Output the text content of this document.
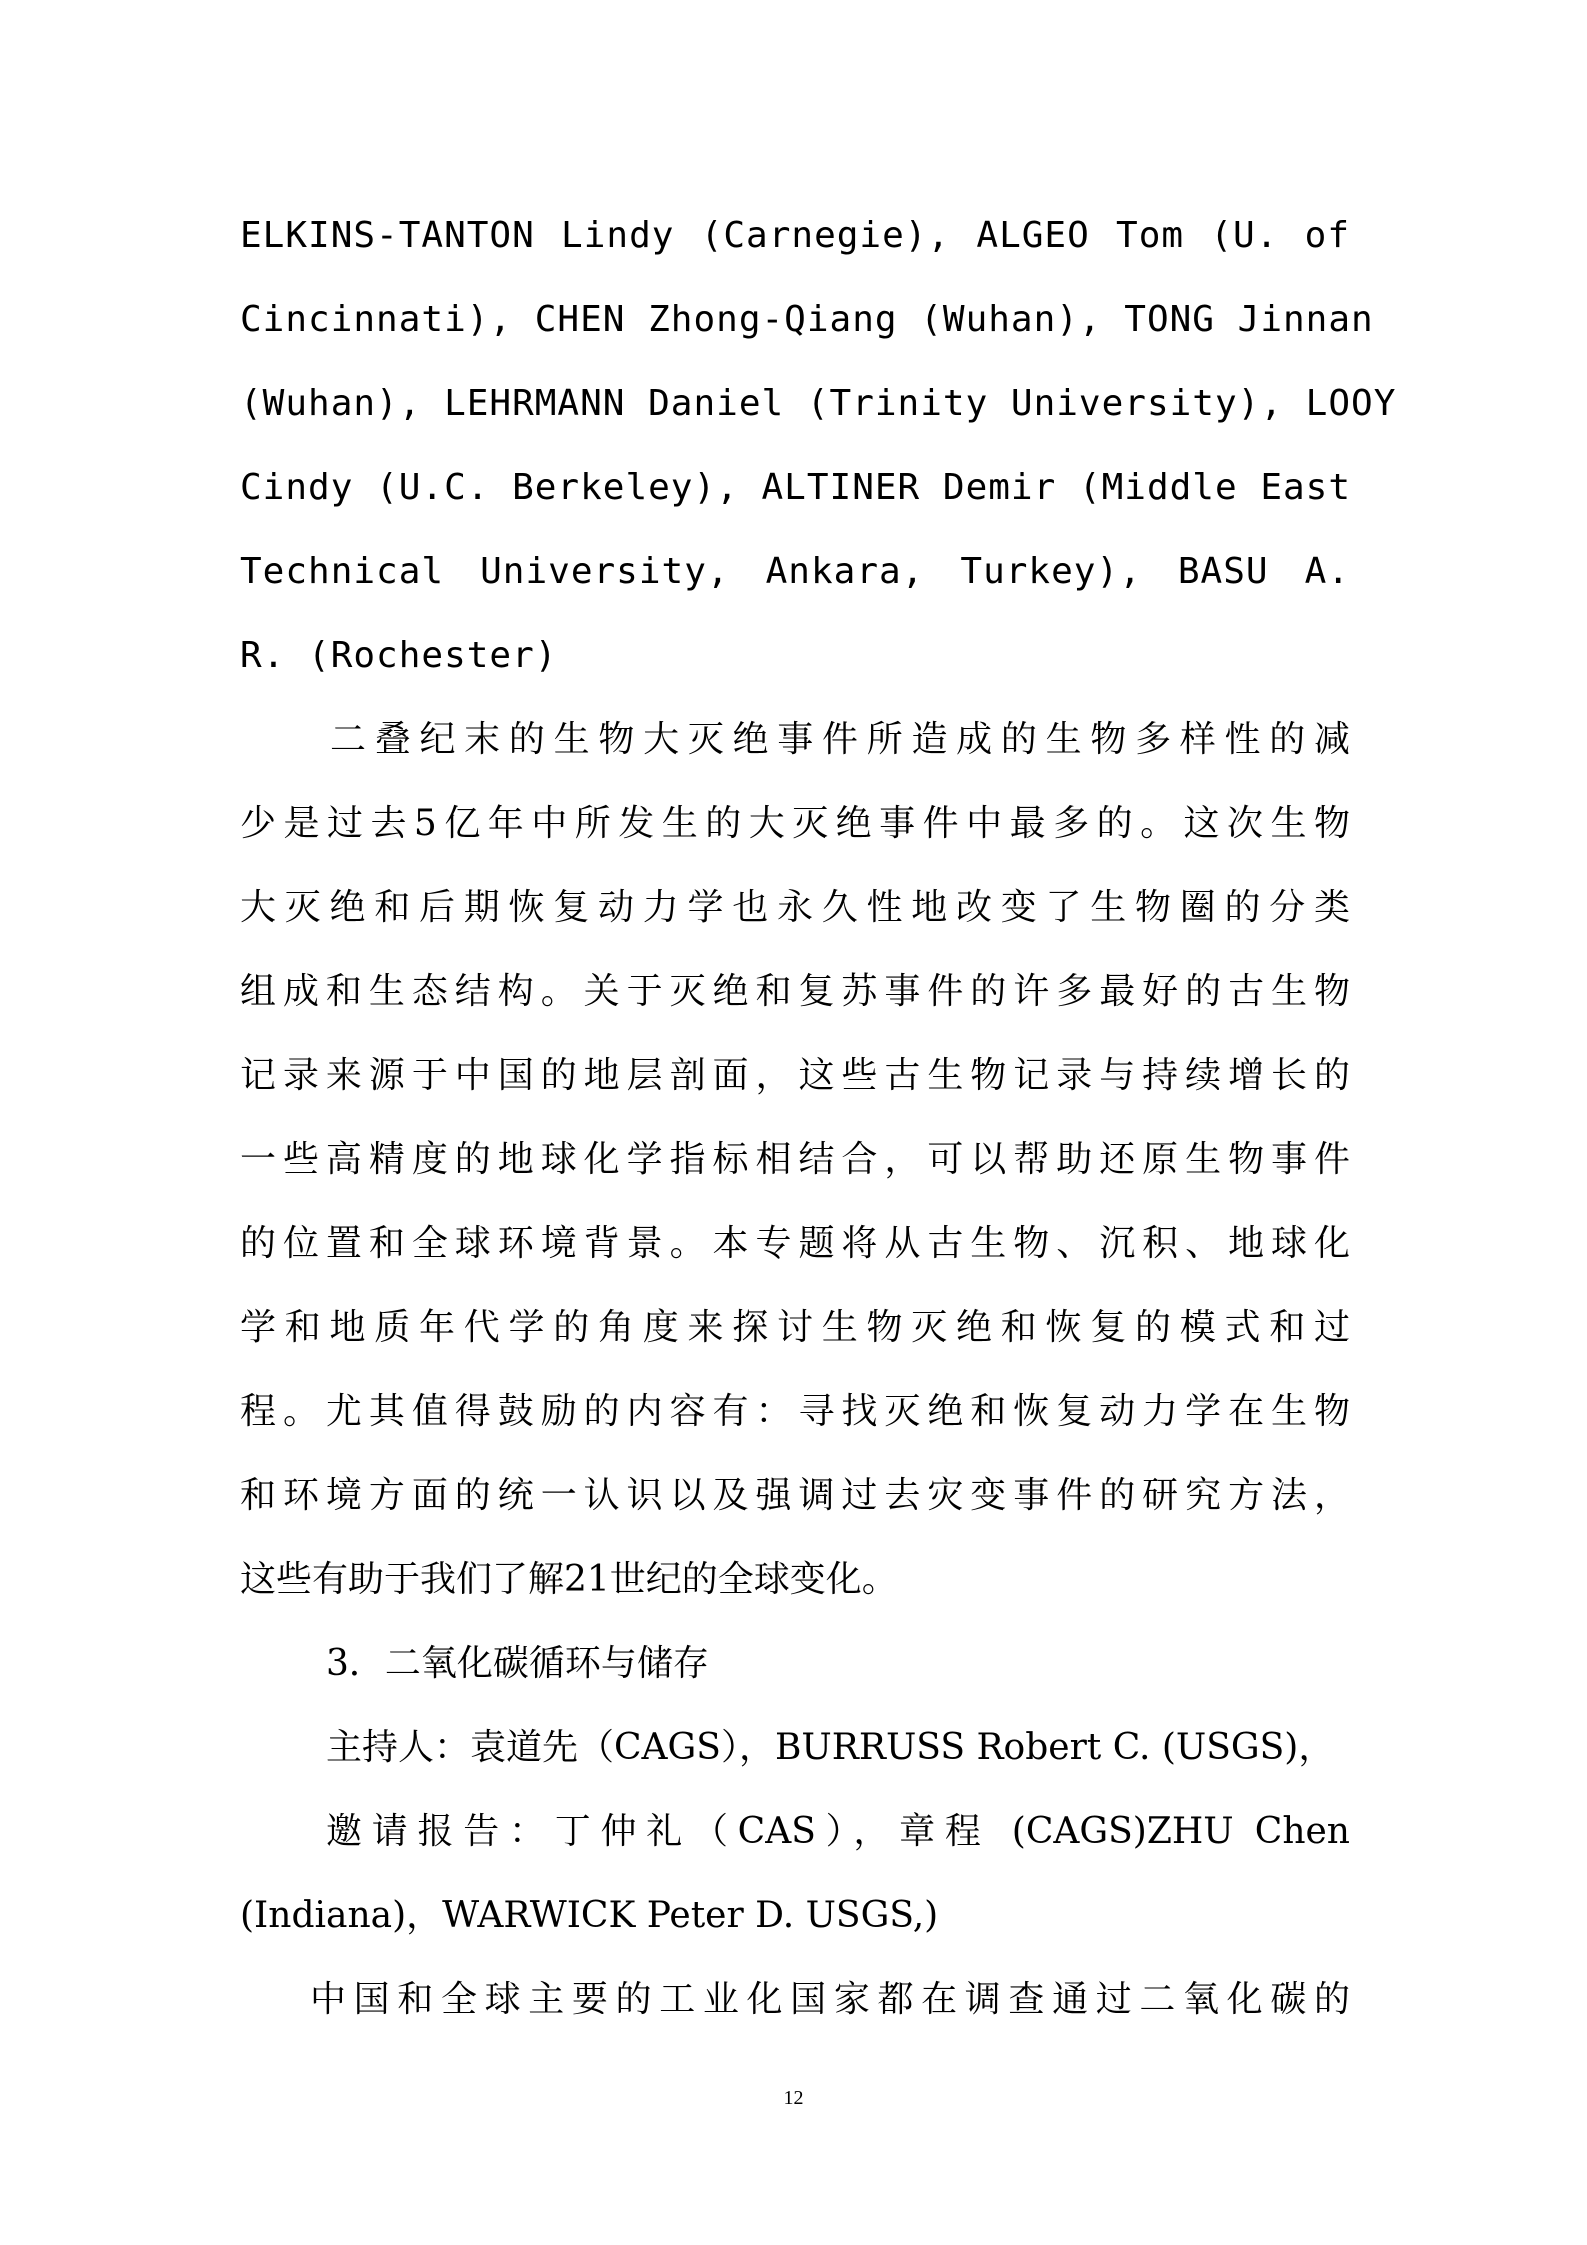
ELKINS-TANTON Lindy (Carnegie), ALGEO Tom (U. of
Cincinnati), CHEN Zhong-Qiang (Wuhan), TONG Jinnan
(Wuhan), LEHRMANN Daniel (Trinity University), LOOY
Cindy (U.C. Berkeley), ALTINER Demir (Middle East
Technical University, Ankara, Turkey), BASU A.
R. (Rochester)
二叠纪末的生物大灭绝事件所造成的生物多样性的减
少是过去5亿年中所发生的大灭绝事件中最多的。这次生物
大灭绝和后期恢复动力学也永久性地改变了生物圈的分类
组成和生态结构。关于灭绝和复苏事件的许多最好的古生物
记录来源于中国的地层剖面，这些古生物记录与持续增长的
一些高精度的地球化学指标相结合，可以帮助还原生物事件
的位置和全球环境背景。本专题将从古生物、沉积、地球化
学和地质年代学的角度来探讨生物灭绝和恢复的模式和过
程。尤其值得鼓励的内容有：寻找灭绝和恢复动力学在生物
和环境方面的统一认识以及强调过去灾变事件的研究方法，
这些有助于我们了解21世纪的全球变化。
3．二氧化碳循环与储存
主持人：袁道先（CAGS），BURRUSS Robert C. (USGS)，
邀请报告：丁仲礼（CAS），章程 (CAGS)ZHU Chen
(Indiana)，WARWICK Peter D. USGS,)
中国和全球主要的工业化国家都在调查通过二氧化碳的
12
